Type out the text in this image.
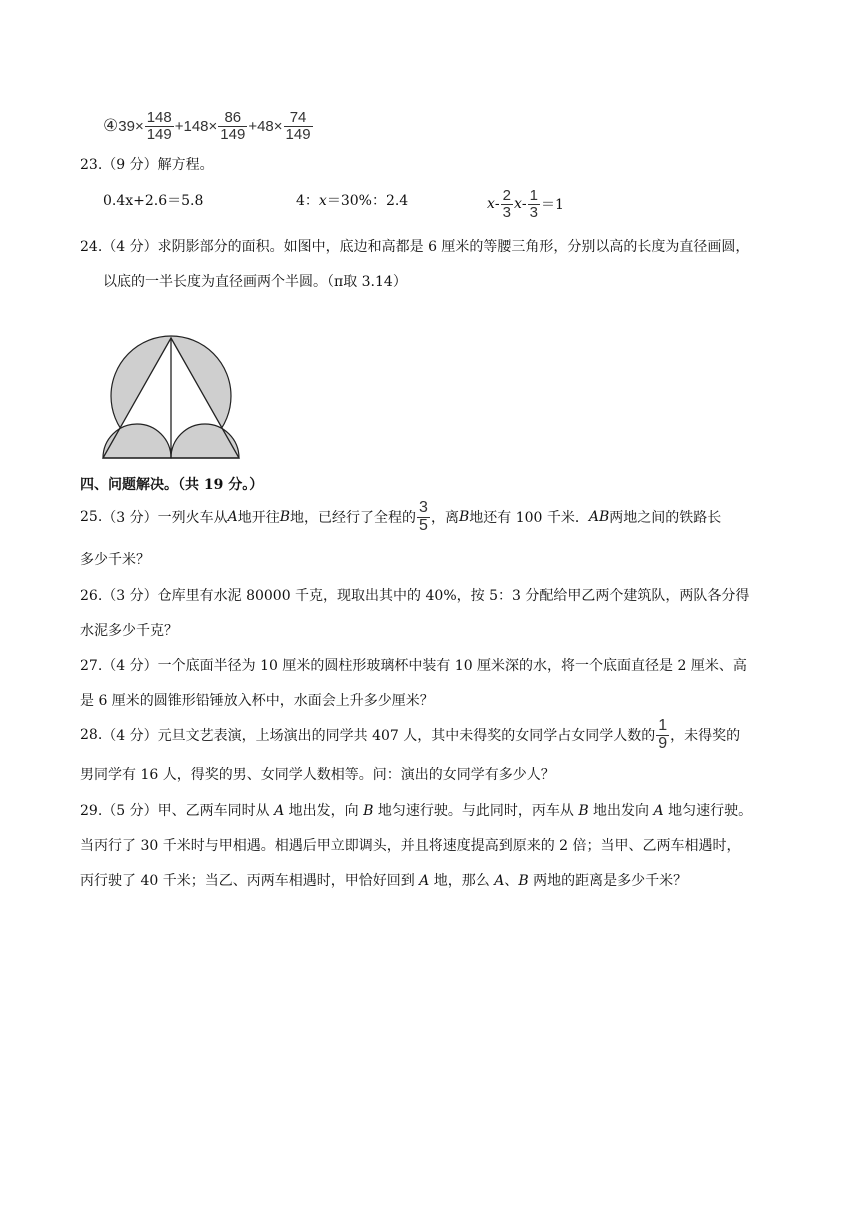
④ $39 \times \frac{148}{149} +148 \times \frac{86}{149} +48 \times \frac{74}{149}$
23.（9 分）解方程。
0.4x+2.6＝5.8	4：x＝30%：2.4	x - $\frac{2}{3}$ $x - \frac{1}{3} =1$
24.（4 分）求阴影部分的面积。如图中，底边和高都是 6 厘米的等腰三角形，分别以高的长度为直径画圆，
以底的一半长度为直径画两个半圆。（π取 3.14）
四、问题解决。（共 19 分。）
25. （3 分）一列火车从 A 地开往 B 地，已经行了全程的 $\frac{3}{5}$ ，离 B 地还有 100 千米． AB 两地之间的铁路长
多少千米？
26.（3 分）仓库里有水泥 80000 千克，现取出其中的 40%，按 5：3 分配给甲乙两个建筑队，两队各分得
水泥多少千克？
27.（4 分）一个底面半径为 10 厘米的圆柱形玻璃杯中装有 10 厘米深的水，将一个底面直径是 2 厘米、高
是 6 厘米的圆锥形铅锤放入杯中，水面会上升多少厘米？
28. （4 分）元旦文艺表演，上场演出的同学共 407 人，其中未得奖的女同学占女同学人数的 $\frac{1}{9}$ ，未得奖的
男同学有 16 人，得奖的男、女同学人数相等。问：演出的女同学有多少人？
29.（5 分）甲、乙两车同时从 A 地出发，向 B 地匀速行驶。与此同时，丙车从 B 地出发向 A 地匀速行驶。
当丙行了 30 千米时与甲相遇。相遇后甲立即调头，并且将速度提高到原来的 2 倍；当甲、乙两车相遇时，
丙行驶了 40 千米；当乙、丙两车相遇时，甲恰好回到 A 地，那么 A、B 两地的距离是多少千米？
